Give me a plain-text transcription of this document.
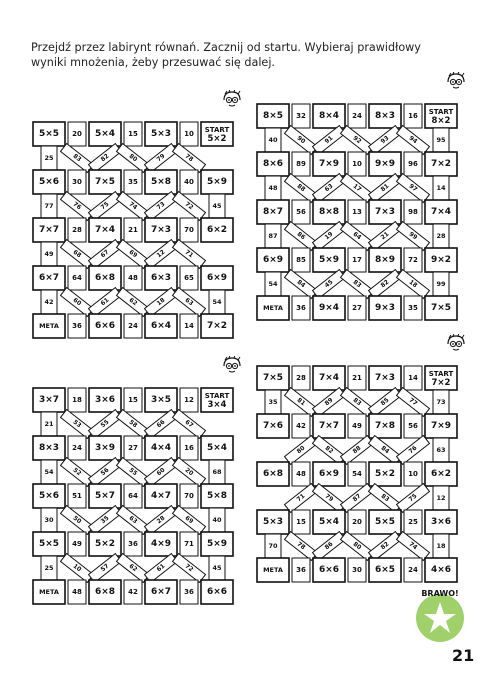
Przejdź przez labirynt równań. Zacznij od startu. Wybieraj prawidłowy wyniki mnożenia, żeby przesuwać się dalej.

5×5 20 5×4 15 5×3 10 START
5×2
25	83	82	80	79	78
5×6 30 7×5 35 5×8 40 5×9
77	76	75	74	73	72	45
7×7 28 7×4 21 7×3 70 6×2
49	68	67	69	12	71
6×7 64 6×8 48 6×3 65 6×9
42	60	61	62	18	63	54
META 36 6×6 24 6×4 14 7×2
8×5 32 8×4 24 8×3 16 START
8×2
40	90	91	92	93	94	95
8×6 89 7×9 10 9×9 96 7×2
48	88	63	17	81	97	14
8×7 56 8×8 13 7×3 98 7×4
87	86	19	64	21	99	28
6×9 85 5×9 17 8×9 72 9×2
54	84	45	83	82	18	99
META 36 9×4 27 9×3 35 7×5
3×7 18 3×6 15 3×5 12 START
3×4
21	53	55	58	66	67
8×3 24 3×9 27 4×4 16 5×4
54	52	56	55	60	20	68
5×6 51 5×7 64 4×7 70 5×8
30	50	35	63	28	69	40
5×5 49 5×2 36 4×9 71 5×9
25	10	57	62	61	72	45
META 48 6×8 42 6×7 36 6×6
7×5 28 7×4 21 7×3 14 START
7×2
35	81	89	83	85	77	73
7×6 42 7×7 49 7×8 56 7×9
80	82	88	84	76	63
6×8 48 6×9 54 5×2 10 6×2
71	79	87	83	75	12
5×3 15 5×4 20 5×5 25 3×6
70	78	86	80	82	74	18
META 36 6×6 30 6×5 24 4×6
BRAWO!
21
